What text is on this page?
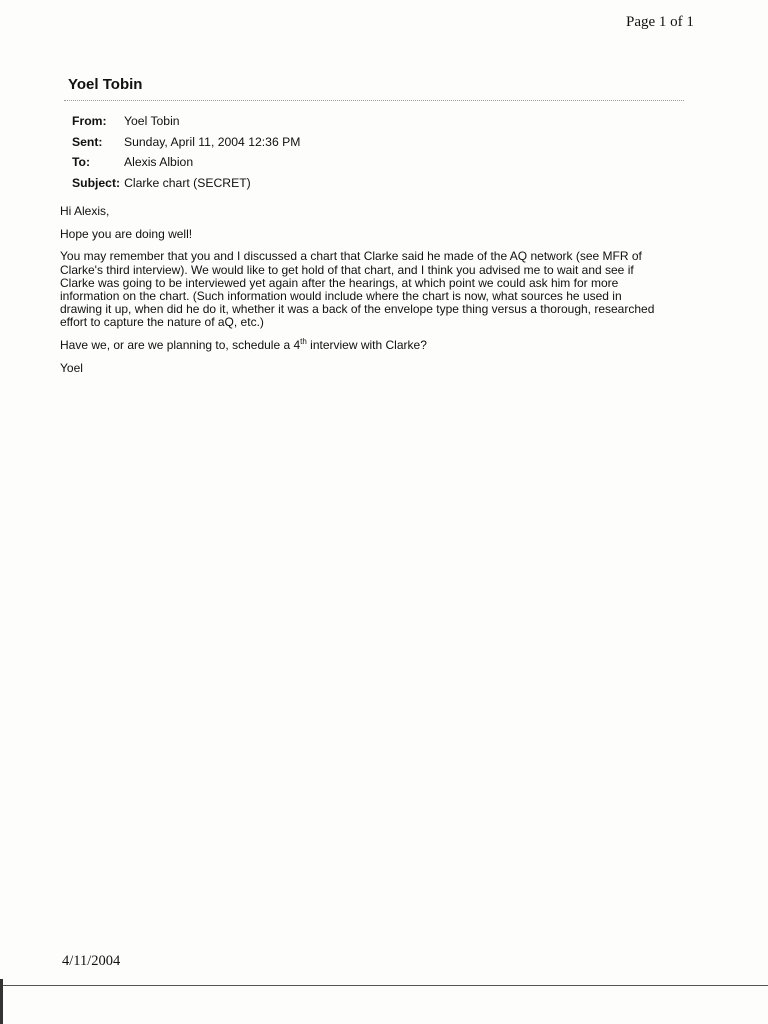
Page 1 of 1
Yoel Tobin
From:	Yoel Tobin
Sent:	Sunday, April 11, 2004 12:36 PM
To:	Alexis Albion
Subject: Clarke chart (SECRET)

Hi Alexis,

Hope you are doing well!

You may remember that you and I discussed a chart that Clarke said he made of the AQ network (see MFR of
Clarke's third interview). We would like to get hold of that chart, and I think you advised me to wait and see if
Clarke was going to be interviewed yet again after the hearings, at which point we could ask him for more
information on the chart. (Such information would include where the chart is now, what sources he used in
drawing it up, when did he do it, whether it was a back of the envelope type thing versus a thorough, researched
effort to capture the nature of aQ, etc.)

Have we, or are we planning to, schedule a 4th interview with Clarke?

Yoel

4/11/2004
